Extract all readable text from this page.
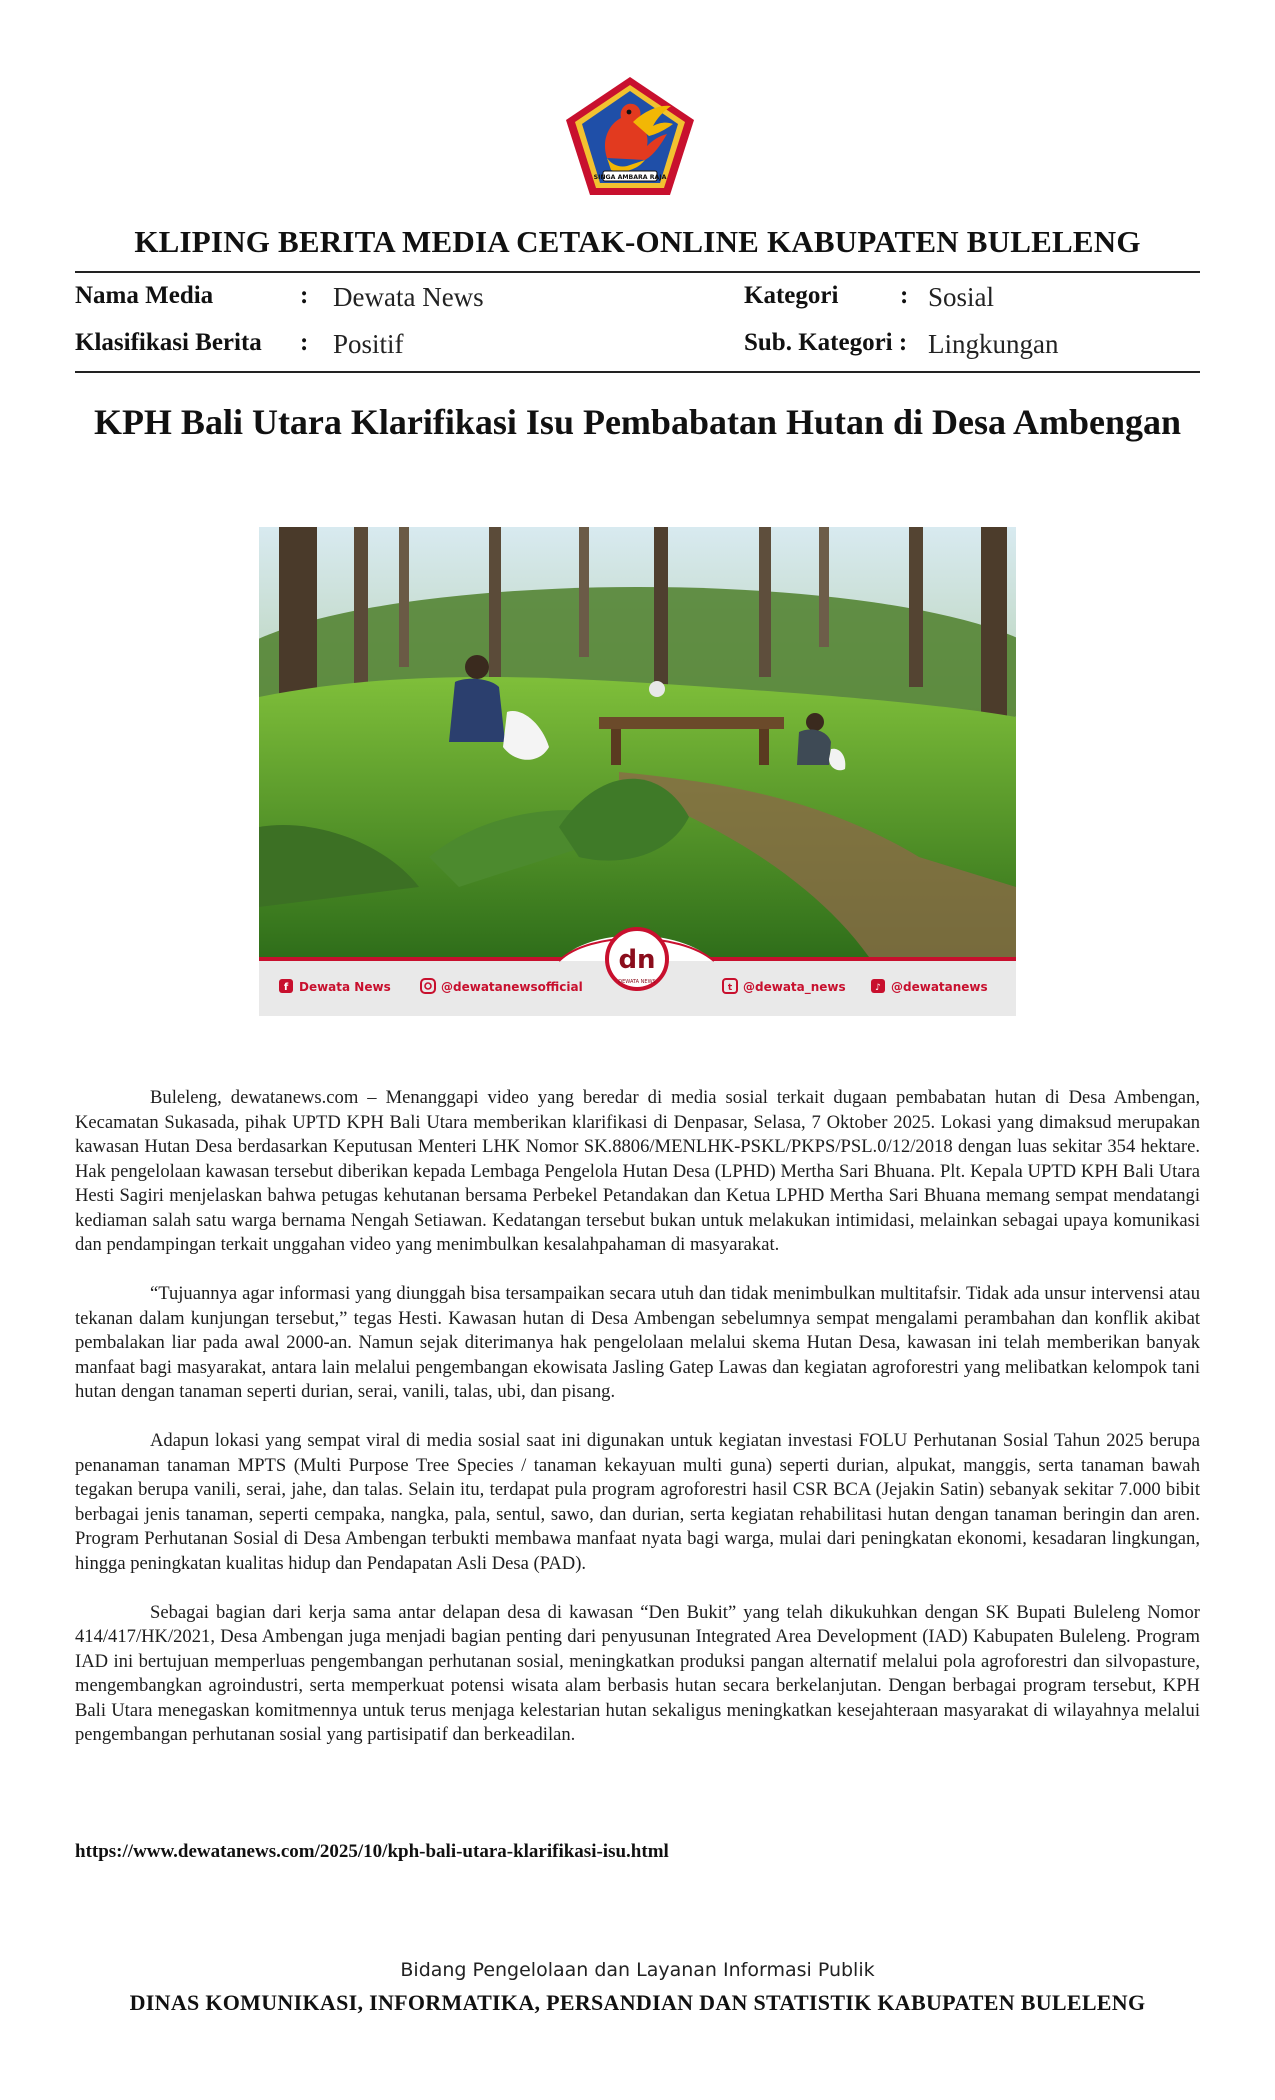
SINGA AMBARA RAJA
KLIPING BERITA MEDIA CETAK-ONLINE KABUPATEN BULELENG
Nama Media	: Dewata News	Kategori : Sosial
Klasifikasi Berita : Positif	Sub. Kategori : Lingkungan
KPH Bali Utara Klarifikasi Isu Pembabatan Hutan di Desa Ambengan
dn
DEWATA NEWS
f Dewata News	@dewatanewsofficial	t @dewata_news	♪ @dewatanews

Buleleng, dewatanews.com – Menanggapi video yang beredar di media sosial terkait dugaan pembabatan hutan di Desa Ambengan, Kecamatan Sukasada, pihak UPTD KPH Bali Utara memberikan klarifikasi di Denpasar, Selasa, 7 Oktober 2025. Lokasi yang dimaksud merupakan kawasan Hutan Desa berdasarkan Keputusan Menteri LHK Nomor SK.8806/MENLHK-PSKL/PKPS/PSL.0/12/2018 dengan luas sekitar 354 hektare. Hak pengelolaan kawasan tersebut diberikan kepada Lembaga Pengelola Hutan Desa (LPHD) Mertha Sari Bhuana. Plt. Kepala UPTD KPH Bali Utara Hesti Sagiri menjelaskan bahwa petugas kehutanan bersama Perbekel Petandakan dan Ketua LPHD Mertha Sari Bhuana memang sempat mendatangi kediaman salah satu warga bernama Nengah Setiawan. Kedatangan tersebut bukan untuk melakukan intimidasi, melainkan sebagai upaya komunikasi dan pendampingan terkait unggahan video yang menimbulkan kesalahpahaman di masyarakat.

“Tujuannya agar informasi yang diunggah bisa tersampaikan secara utuh dan tidak menimbulkan multitafsir. Tidak ada unsur intervensi atau tekanan dalam kunjungan tersebut,” tegas Hesti. Kawasan hutan di Desa Ambengan sebelumnya sempat mengalami perambahan dan konflik akibat pembalakan liar pada awal 2000-an. Namun sejak diterimanya hak pengelolaan melalui skema Hutan Desa, kawasan ini telah memberikan banyak manfaat bagi masyarakat, antara lain melalui pengembangan ekowisata Jasling Gatep Lawas dan kegiatan agroforestri yang melibatkan kelompok tani hutan dengan tanaman seperti durian, serai, vanili, talas, ubi, dan pisang.

Adapun lokasi yang sempat viral di media sosial saat ini digunakan untuk kegiatan investasi FOLU Perhutanan Sosial Tahun 2025 berupa penanaman tanaman MPTS (Multi Purpose Tree Species / tanaman kekayuan multi guna) seperti durian, alpukat, manggis, serta tanaman bawah tegakan berupa vanili, serai, jahe, dan talas. Selain itu, terdapat pula program agroforestri hasil CSR BCA (Jejakin Satin) sebanyak sekitar 7.000 bibit berbagai jenis tanaman, seperti cempaka, nangka, pala, sentul, sawo, dan durian, serta kegiatan rehabilitasi hutan dengan tanaman beringin dan aren. Program Perhutanan Sosial di Desa Ambengan terbukti membawa manfaat nyata bagi warga, mulai dari peningkatan ekonomi, kesadaran lingkungan, hingga peningkatan kualitas hidup dan Pendapatan Asli Desa (PAD).

Sebagai bagian dari kerja sama antar delapan desa di kawasan “Den Bukit” yang telah dikukuhkan dengan SK Bupati Buleleng Nomor 414/417/HK/2021, Desa Ambengan juga menjadi bagian penting dari penyusunan Integrated Area Development (IAD) Kabupaten Buleleng. Program IAD ini bertujuan memperluas pengembangan perhutanan sosial, meningkatkan produksi pangan alternatif melalui pola agroforestri dan silvopasture, mengembangkan agroindustri, serta memperkuat potensi wisata alam berbasis hutan secara berkelanjutan. Dengan berbagai program tersebut, KPH Bali Utara menegaskan komitmennya untuk terus menjaga kelestarian hutan sekaligus meningkatkan kesejahteraan masyarakat di wilayahnya melalui pengembangan perhutanan sosial yang partisipatif dan berkeadilan.

https://www.dewatanews.com/2025/10/kph-bali-utara-klarifikasi-isu.html
Bidang Pengelolaan dan Layanan Informasi Publik
DINAS KOMUNIKASI, INFORMATIKA, PERSANDIAN DAN STATISTIK KABUPATEN BULELENG
